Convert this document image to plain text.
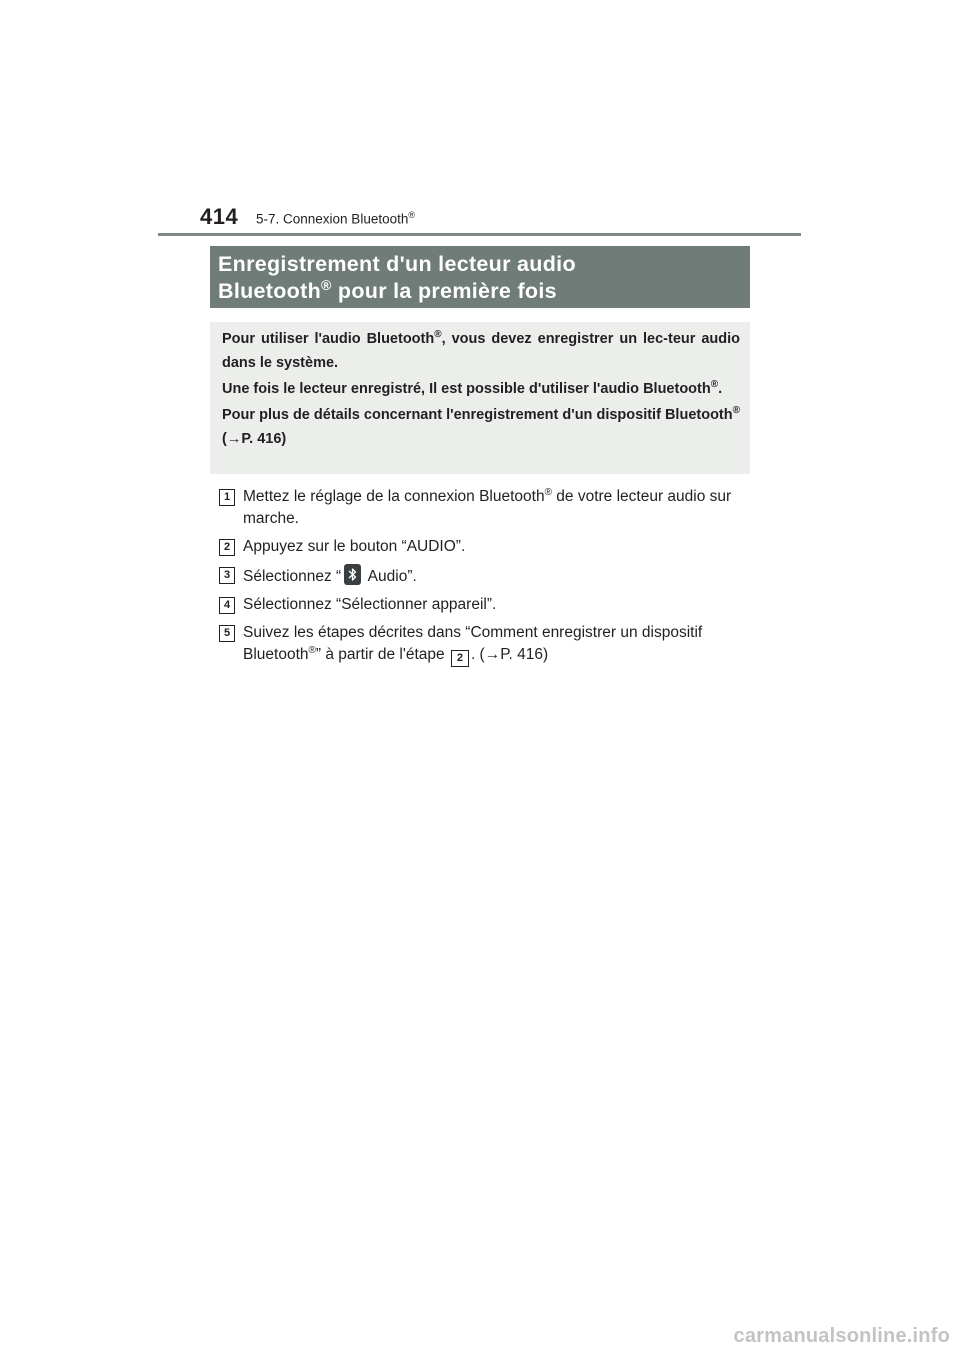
414 5-7. Connexion Bluetooth®
Enregistrement d'un lecteur audio
Bluetooth® pour la première fois

Pour utiliser l'audio Bluetooth®, vous devez enregistrer un lec-teur audio dans le système.

Une fois le lecteur enregistré, Il est possible d'utiliser l'audio Bluetooth®.

Pour plus de détails concernant l'enregistrement d'un dispositif Bluetooth® (→P. 416)

1 Mettez le réglage de la connexion Bluetooth® de votre lecteur audio sur marche.
2 Appuyez sur le bouton “AUDIO”.
3 Sélectionnez “
Audio”.
4 Sélectionnez “Sélectionner appareil”.
5 Suivez les étapes décrites dans “Comment enregistrer un dispositif Bluetooth®” à partir de l'étape 2 . (→P. 416)
carmanualsonline.info
